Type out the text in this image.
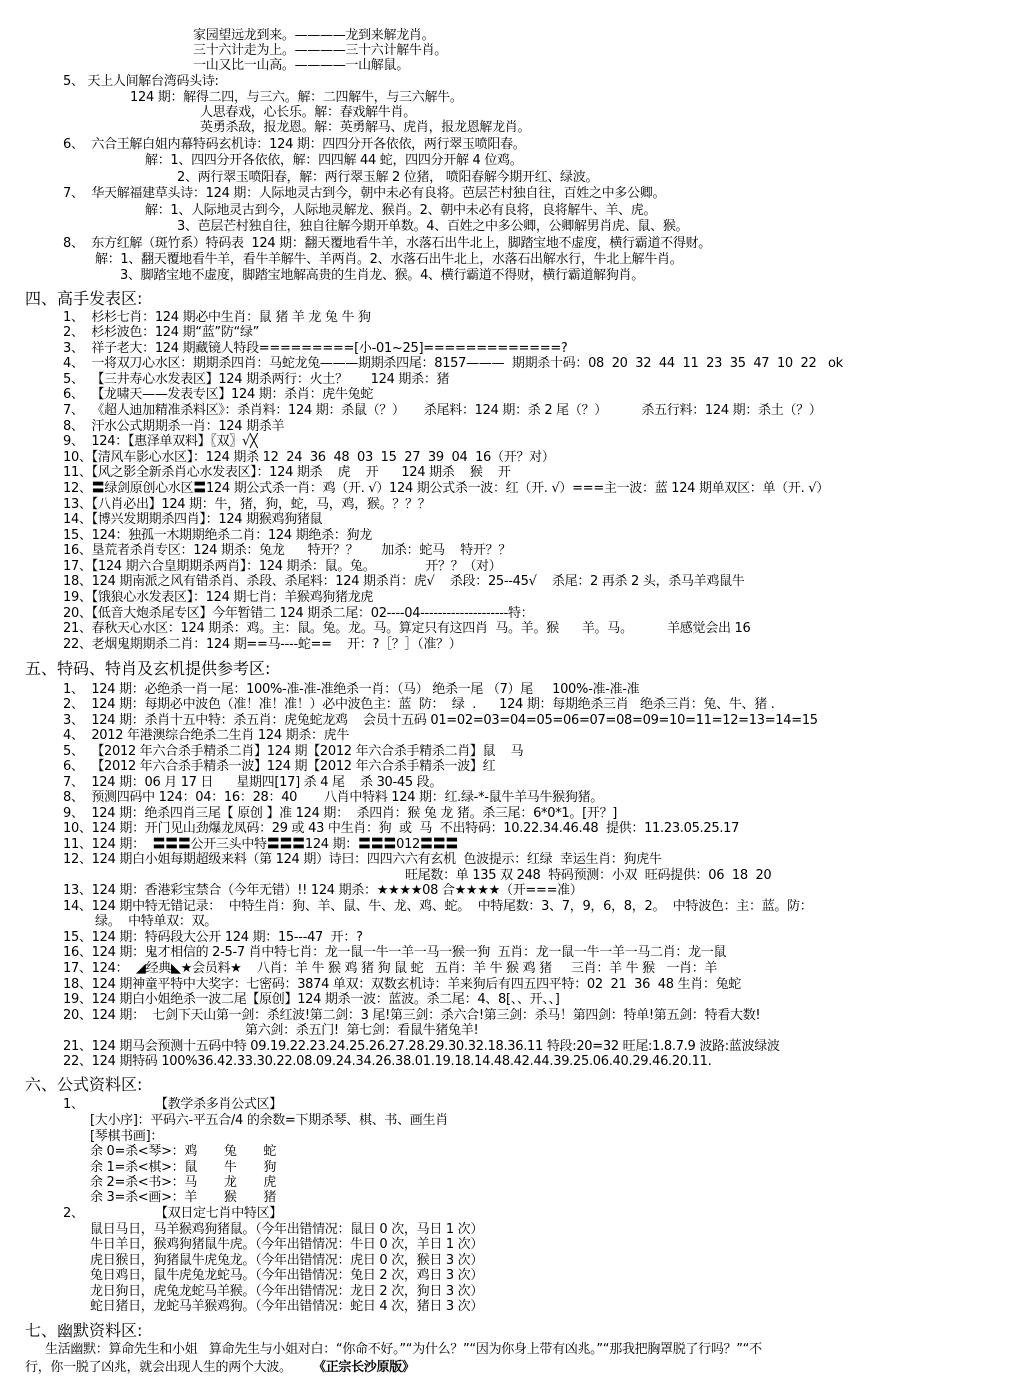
家园望远龙到来。————龙到来解龙肖。
三十六计走为上。————三十六计解牛肖。
一山又比一山高。————一山解鼠。
5、 天上人间解台湾码头诗:
124 期：解得二四，与三六。解：二四解牛，与三六解牛。
人思春戏，心长乐。解：春戏解牛肖。
英勇杀敌，报龙恩。解：英勇解马、虎肖，报龙恩解龙肖。
6、  六合王解白姐内幕特码玄机诗：124 期：四四分开各依依，两行翠玉喷阳春。
解：1、四四分开各依依，解：四四解 44 蛇，四四分开解 4 位鸡。
2、两行翠玉喷阳春，解：两行翠玉解 2 位猪， 喷阳春解今期开红、绿波。
7、  华天解福建草头诗：124 期：人际地灵古到今，朝中未必有良将。芭层芒村独自往，百姓之中多公卿。
解：1、人际地灵古到今，人际地灵解龙、猴肖。2、朝中未必有良将，良将解牛、羊、虎。
3、芭层芒村独自往，独自往解今期开单数。4、百姓之中多公卿，公卿解男肖虎、鼠、猴。
8、  东方红解（斑竹系）特码表  124 期：翻天覆地看牛羊，水落石出牛北上，脚踏宝地不虚度，横行霸道不得财。
解：1、翻天覆地看牛羊，看牛羊解牛、羊两肖。2、水落石出牛北上，水落石出解水行，牛北上解牛肖。
3、脚踏宝地不虚度，脚踏宝地解高贵的生肖龙、猴。4、横行霸道不得财，横行霸道解狗肖。
四、高手发表区:
1、  杉杉七肖：124 期必中生肖：鼠 猪 羊 龙 兔 牛 狗
2、  杉杉波色：124 期“蓝”防“绿”
3、  祥子老大：124 期藏镜人特段=========[小-01~25]=============?
4、  一将双刀心水区：期期杀四肖：马蛇龙兔———期期杀四尾：8157———  期期杀十码：08  20  32  44  11  23  35  47  10  22   ok
5、  【三井寿心水发表区】124 期杀两行：火土？      124 期杀：猪
6、  【龙啸天——发表专区】124 期：杀肖：虎牛兔蛇
7、  《超人迪加精准杀料区》：杀肖料：124 期：杀鼠（？）     杀尾料：124 期：杀 2 尾（？）         杀五行料：124 期：杀土（？）
8、  汗水公式期期杀一肖：124 期杀羊
9、  124：【惠泽单双料】〖双〗√╳
10、【清风车影心水区】：124 期杀 12  24  36  48  03  15  27  39  04  16（开？对）
11、【风之影全新杀肖心水发表区】：124 期杀    虎    开      124 期杀    猴    开
12、〓绿剑原创心水区〓124 期公式杀一肖：鸡（开. √）124 期公式杀一波：红（开. √）===主一波：蓝 124 期单双区：单（开. √）
13、【八肖必出】124 期：牛，猪，狗，蛇，马，鸡，猴。？？？
14、【博兴发期期杀四肖】：124 期猴鸡狗猪鼠
15、124：独孤一木期期绝杀二肖：124 期绝杀：狗龙
16、垦荒者杀肖专区：124 期杀：兔龙      特开？？      加杀：蛇马    特开？？
17、【124 期六合皇期期杀两肖】：124 期杀：鼠。兔。             开？？（对）
18、124 期南派之风有错杀肖、杀段、杀尾料：124 期杀肖：虎√    杀段：25--45√    杀尾：2 再杀 2 头，杀马羊鸡鼠牛
19、【饿狼心水发表区】：124 期七肖：羊猴鸡狗猪龙虎
20、【低音大炮杀尾专区】今年暂错二 124 期杀二尾：02----04--------------------特：
21、春秋天心水区：124 期杀：鸡。主：鼠。兔。龙。马。算定只有这四肖  马。羊。猴      羊。马。         羊感觉会出 16
22、老烟鬼期期杀二肖：124 期==马----蛇==    开：?［？］（准？）
五、特码、特肖及玄机提供参考区:
1、  124 期：必绝杀一肖一尾：100%-准-准-准绝杀一肖：（马） 绝杀一尾 （7）尾     100%-准-准-准
2、  124 期：每期必中波色（准！准！准！）必中波色主：蓝  防：  绿  .      124 期：每期绝杀三肖   绝杀三肖：兔、牛、猪 .
3、  124 期：杀肖十五中特：杀五肖：虎兔蛇龙鸡    会员十五码 01=02=03=04=05=06=07=08=09=10=11=12=13=14=15
4、  2012 年港澳综合绝杀二生肖 124 期杀：虎牛
5、  【2012 年六合杀手精杀二肖】124 期【2012 年六合杀手精杀二肖】鼠    马
6、  【2012 年六合杀手精杀一波】124 期【2012 年六合杀手精杀一波】红
7、  124 期：06 月 17 日      星期四[17] 杀 4 尾    杀 30-45 段。
8、  预测四码中 124：04：16：28：40       八肖中特料 124 期：红.绿-*-鼠牛羊马牛猴狗猪。
9、  124 期：绝杀四肖三尾【 原创 】准 124 期：  杀四肖：猴 兔 龙 猪。杀三尾：6*0*1。[开？]
10、124 期：开门见山劲爆龙凤码：29 或 43 中生肖：狗  或  马  不出特码：10.22.34.46.48  提供：11.23.05.25.17
11、124 期：  〓〓〓公开三头中特〓〓〓124 期：〓〓〓012〓〓〓
12、124 期白小姐每期超级来料（第 124 期）诗曰：四四六六有玄机  色波提示：红绿  幸运生肖：狗虎牛
旺尾数：单 135 双 248  特码预测：小双  旺码提供：06  18  20
13、124 期：香港彩宝禁合（今年无错）!! 124 期杀：★★★★08 合★★★★（开===准）
14、124 期中特无错记录：  中特生肖：狗、羊、鼠、牛、龙、鸡、蛇。  中特尾数：3、7，9，6，8，2。  中特波色：主：蓝。防：
绿。  中特单双：双。
15、124 期：特码段大公开 124 期：15---47  开：?
16、124 期：鬼才相信的 2-5-7 肖中特七肖：龙一鼠一牛一羊一马一猴一狗  五肖：龙一鼠一牛一羊一马二肖：龙一鼠
17、124：  ◢经典◣★会员料★    八肖：羊 牛 猴 鸡 猪 狗 鼠 蛇   五肖：羊 牛 猴 鸡 猪     三肖：羊 牛 猴   一肖：羊
18、124 期神童平特中大奖字：七密码：3874 单双：双数玄机诗：羊来狗后有四五四平特：02  21  36  48 生肖：兔蛇
19、124 期白小姐绝杀一波二尾【原创】124 期杀一波：蓝波。杀二尾：4、8[、、开、、]
20、124 期：  七剑下天山第一剑：杀红波!第二剑：3 尾!第三剑：杀六合!第三剑：杀马！第四剑：特单!第五剑：特看大数!
第六剑：杀五门!  第七剑：看鼠牛猪兔羊!
21、124 期马会预测十五码中特 09.19.22.23.24.25.26.27.28.29.30.32.18.36.11 特段:20=32 旺尾:1.8.7.9 波路:蓝波绿波
22、124 期特码 100%36.42.33.30.22.08.09.24.34.26.38.01.19.18.14.48.42.44.39.25.06.40.29.46.20.11.
六、公式资料区:
1、	【教学杀多肖公式区】
[大小序]：平码六-平五合/4 的余数=下期杀琴、棋、书、画生肖
[琴棋书画]：
余 0=杀<琴>：鸡       兔       蛇
余 1=杀<棋>：鼠       牛       狗
余 2=杀<书>：马       龙       虎
余 3=杀<画>：羊       猴       猪
2、	【双日定七肖中特区】
鼠日马日，马羊猴鸡狗猪鼠。（今年出错情况：鼠日 0 次，马日 1 次）
牛日羊日，猴鸡狗猪鼠牛虎。（今年出错情况：牛日 0 次，羊日 1 次）
虎日猴日，狗猪鼠牛虎兔龙。（今年出错情况：虎日 0 次，猴日 3 次）
兔日鸡日，鼠牛虎兔龙蛇马。（今年出错情况：兔日 2 次，鸡日 3 次）
龙日狗日，虎兔龙蛇马羊猴。（今年出错情况：龙日 2 次，狗日 3 次）
蛇日猪日，龙蛇马羊猴鸡狗。（今年出错情况：蛇日 4 次，猪日 3 次）
七、幽默资料区:
生活幽默：算命先生和小姐   算命先生与小姐对白：“你命不好。”“为什么？”“因为你身上带有凶兆。”“那我把胸罩脱了行吗？”“不
行，你一脱了凶兆，就会出现人生的两个大波。 《正宗长沙原版》
